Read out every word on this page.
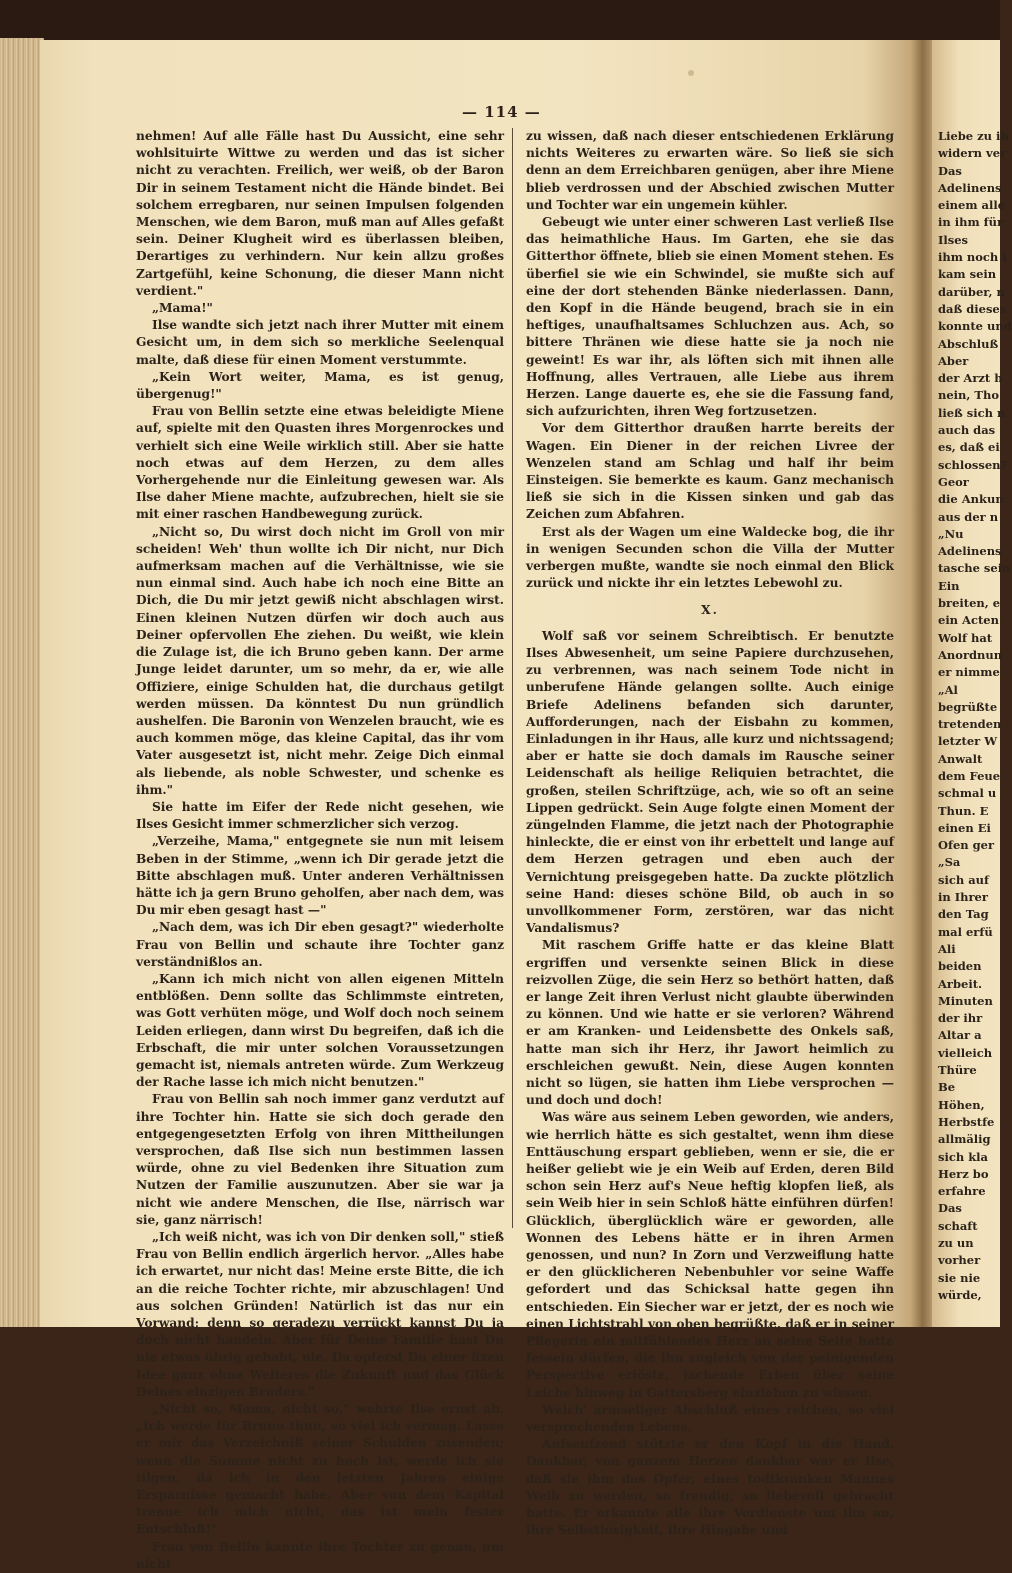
— 114 —

nehmen! Auf alle Fälle hast Du Aussicht, eine sehr wohlsituirte Wittwe zu werden und das ist sicher nicht zu verachten. Freilich, wer weiß, ob der Baron Dir in seinem Testament nicht die Hände bindet. Bei solchem erregbaren, nur seinen Impulsen folgenden Menschen, wie dem Baron, muß man auf Alles gefaßt sein. Deiner Klugheit wird es überlassen bleiben, Derartiges zu verhindern. Nur kein allzu großes Zartgefühl, keine Schonung, die dieser Mann nicht verdient."

„Mama!"

Ilse wandte sich jetzt nach ihrer Mutter mit einem Gesicht um, in dem sich so merkliche Seelenqual malte, daß diese für einen Moment verstummte.

„Kein Wort weiter, Mama, es ist genug, übergenug!"

Frau von Bellin setzte eine etwas beleidigte Miene auf, spielte mit den Quasten ihres Morgenrockes und verhielt sich eine Weile wirklich still. Aber sie hatte noch etwas auf dem Herzen, zu dem alles Vorhergehende nur die Einleitung gewesen war. Als Ilse daher Miene machte, aufzubrechen, hielt sie sie mit einer raschen Handbewegung zurück.

„Nicht so, Du wirst doch nicht im Groll von mir scheiden! Weh' thun wollte ich Dir nicht, nur Dich aufmerksam machen auf die Verhältnisse, wie sie nun einmal sind. Auch habe ich noch eine Bitte an Dich, die Du mir jetzt gewiß nicht abschlagen wirst. Einen kleinen Nutzen dürfen wir doch auch aus Deiner opfervollen Ehe ziehen. Du weißt, wie klein die Zulage ist, die ich Bruno geben kann. Der arme Junge leidet darunter, um so mehr, da er, wie alle Offiziere, einige Schulden hat, die durchaus getilgt werden müssen. Da könntest Du nun gründlich aushelfen. Die Baronin von Wenzelen braucht, wie es auch kommen möge, das kleine Capital, das ihr vom Vater ausgesetzt ist, nicht mehr. Zeige Dich einmal als liebende, als noble Schwester, und schenke es ihm."

Sie hatte im Eifer der Rede nicht gesehen, wie Ilses Gesicht immer schmerzlicher sich verzog.

„Verzeihe, Mama," entgegnete sie nun mit leisem Beben in der Stimme, „wenn ich Dir gerade jetzt die Bitte abschlagen muß. Unter anderen Verhältnissen hätte ich ja gern Bruno geholfen, aber nach dem, was Du mir eben gesagt hast —"

„Nach dem, was ich Dir eben gesagt?" wiederholte Frau von Bellin und schaute ihre Tochter ganz verständnißlos an.

„Kann ich mich nicht von allen eigenen Mitteln entblößen. Denn sollte das Schlimmste eintreten, was Gott verhüten möge, und Wolf doch noch seinem Leiden erliegen, dann wirst Du begreifen, daß ich die Erbschaft, die mir unter solchen Voraussetzungen gemacht ist, niemals antreten würde. Zum Werkzeug der Rache lasse ich mich nicht benutzen."

Frau von Bellin sah noch immer ganz verdutzt auf ihre Tochter hin. Hatte sie sich doch gerade den entgegengesetzten Erfolg von ihren Mittheilungen versprochen, daß Ilse sich nun bestimmen lassen würde, ohne zu viel Bedenken ihre Situation zum Nutzen der Familie auszunutzen. Aber sie war ja nicht wie andere Menschen, die Ilse, närrisch war sie, ganz närrisch!

„Ich weiß nicht, was ich von Dir denken soll," stieß Frau von Bellin endlich ärgerlich hervor. „Alles habe ich erwartet, nur nicht das! Meine erste Bitte, die ich an die reiche Tochter richte, mir abzuschlagen! Und aus solchen Gründen! Natürlich ist das nur ein Vorwand; denn so geradezu verrückt kannst Du ja doch nicht handeln. Aber für Deine Familie hast Du nie etwas übrig gehabt, nie. Da opferst Du einer fixen Idee ganz ohne Weiteres die Zukunft und das Glück Deines einzigen Bruders."

„Nicht so, Mama, nicht so," wehrte Ilse ernst ab. „Ich werde für Bruno thun, so viel ich vermag. Lasse er mir das Verzeichniß seiner Schulden zusenden; wenn die Summe nicht zu hoch ist, werde ich sie tilgen, da ich in den letzten Jahren einige Ersparnisse gemacht habe. Aber von dem Kapital trenne ich mich nicht, das ist mein fester Entschluß!"

Frau von Bellin kannte ihre Tochter zu genau, um nicht

zu wissen, daß nach dieser entschiedenen Erklärung nichts Weiteres zu erwarten wäre. So ließ sie sich denn an dem Erreichbaren genügen, aber ihre Miene blieb verdrossen und der Abschied zwischen Mutter und Tochter war ein ungemein kühler.

Gebeugt wie unter einer schweren Last verließ Ilse das heimathliche Haus. Im Garten, ehe sie das Gitterthor öffnete, blieb sie einen Moment stehen. Es überfiel sie wie ein Schwindel, sie mußte sich auf eine der dort stehenden Bänke niederlassen. Dann, den Kopf in die Hände beugend, brach sie in ein heftiges, unaufhaltsames Schluchzen aus. Ach, so bittere Thränen wie diese hatte sie ja noch nie geweint! Es war ihr, als löften sich mit ihnen alle Hoffnung, alles Vertrauen, alle Liebe aus ihrem Herzen. Lange dauerte es, ehe sie die Fassung fand, sich aufzurichten, ihren Weg fortzusetzen.

Vor dem Gitterthor draußen harrte bereits der Wagen. Ein Diener in der reichen Livree der Wenzelen stand am Schlag und half ihr beim Einsteigen. Sie bemerkte es kaum. Ganz mechanisch ließ sie sich in die Kissen sinken und gab das Zeichen zum Abfahren.

Erst als der Wagen um eine Waldecke bog, die ihr in wenigen Secunden schon die Villa der Mutter verbergen mußte, wandte sie noch einmal den Blick zurück und nickte ihr ein letztes Lebewohl zu.

X.

Wolf saß vor seinem Schreibtisch. Er benutzte Ilses Abwesenheit, um seine Papiere durchzusehen, zu verbrennen, was nach seinem Tode nicht in unberufene Hände gelangen sollte. Auch einige Briefe Adelinens befanden sich darunter, Aufforderungen, nach der Eisbahn zu kommen, Einladungen in ihr Haus, alle kurz und nichtssagend; aber er hatte sie doch damals im Rausche seiner Leidenschaft als heilige Reliquien betrachtet, die großen, steilen Schriftzüge, ach, wie so oft an seine Lippen gedrückt. Sein Auge folgte einen Moment der züngelnden Flamme, die jetzt nach der Photographie hinleckte, die er einst von ihr erbettelt und lange auf dem Herzen getragen und eben auch der Vernichtung preisgegeben hatte. Da zuckte plötzlich seine Hand: dieses schöne Bild, ob auch in so unvollkommener Form, zerstören, war das nicht Vandalismus?

Mit raschem Griffe hatte er das kleine Blatt ergriffen und versenkte seinen Blick in diese reizvollen Züge, die sein Herz so bethört hatten, daß er lange Zeit ihren Verlust nicht glaubte überwinden zu können. Und wie hatte er sie verloren? Während er am Kranken- und Leidensbette des Onkels saß, hatte man sich ihr Herz, ihr Jawort heimlich zu erschleichen gewußt. Nein, diese Augen konnten nicht so lügen, sie hatten ihm Liebe versprochen — und doch und doch!

Was wäre aus seinem Leben geworden, wie anders, wie herrlich hätte es sich gestaltet, wenn ihm diese Enttäuschung erspart geblieben, wenn er sie, die er heißer geliebt wie je ein Weib auf Erden, deren Bild schon sein Herz auf's Neue heftig klopfen ließ, als sein Weib hier in sein Schloß hätte einführen dürfen! Glücklich, überglücklich wäre er geworden, alle Wonnen des Lebens hätte er in ihren Armen genossen, und nun? In Zorn und Verzweiflung hatte er den glücklicheren Nebenbuhler vor seine Waffe gefordert und das Schicksal hatte gegen ihn entschieden. Ein Siecher war er jetzt, der es noch wie einen Lichtstrahl von oben begrüßte, daß er in seiner Pflegerin ein mitfühlendes Herz an seine Seite hatte fesseln dürfen, die ihn zugleich von der peinigenden Perspective erlöste, lachende Erben über seine Leiche hinweg in Gattersberg einziehen zu wissen.

Welch' armseliger Abschluß eines reichen, so viel versprechenden Lebens.

Aufseufzend stützte er den Kopf in die Hand. Dankbar, von ganzem Herzen dankbar war er Ilse, daß sie ihm das Opfer, eines todtkranken Mannes Weib zu werden, so freudig, so liebevoll gebracht hatte. Er erkannte alle ihre Verdienste um ihn an, ihre Selbstlosigkeit, ihre Hingabe und

Liebe zu ih
widern ver
Das
Adelinens
einem alle
in ihm für
Ilses
ihm noch i
kam sein
darüber, n
daß dieses
konnte und
Abschluß
Aber
der Arzt h
nein, Tho
ließ sich n
auch das
es, daß ei
schlossen?
Geor
die Ankun
aus der n
„Nu
Adelinens
tasche sein
Ein
breiten, e
ein Acten
Wolf hat
Anordnun
er nimme
„Al
begrüßte
tretenden
letzter W
Anwalt
dem Feue
schmal u
Thun. E
einen Ei
Ofen ger
„Sa
sich auf
in Ihrer
den Tag
mal erfü
Ali
beiden
Arbeit.
Minuten
der ihr
Altar a
vielleich
Thüre
Be
Höhen,
Herbstfe
allmälig
sich kla
Herz bo
erfahre
Das
schaft
zu un
vorher
sie nie
würde,
